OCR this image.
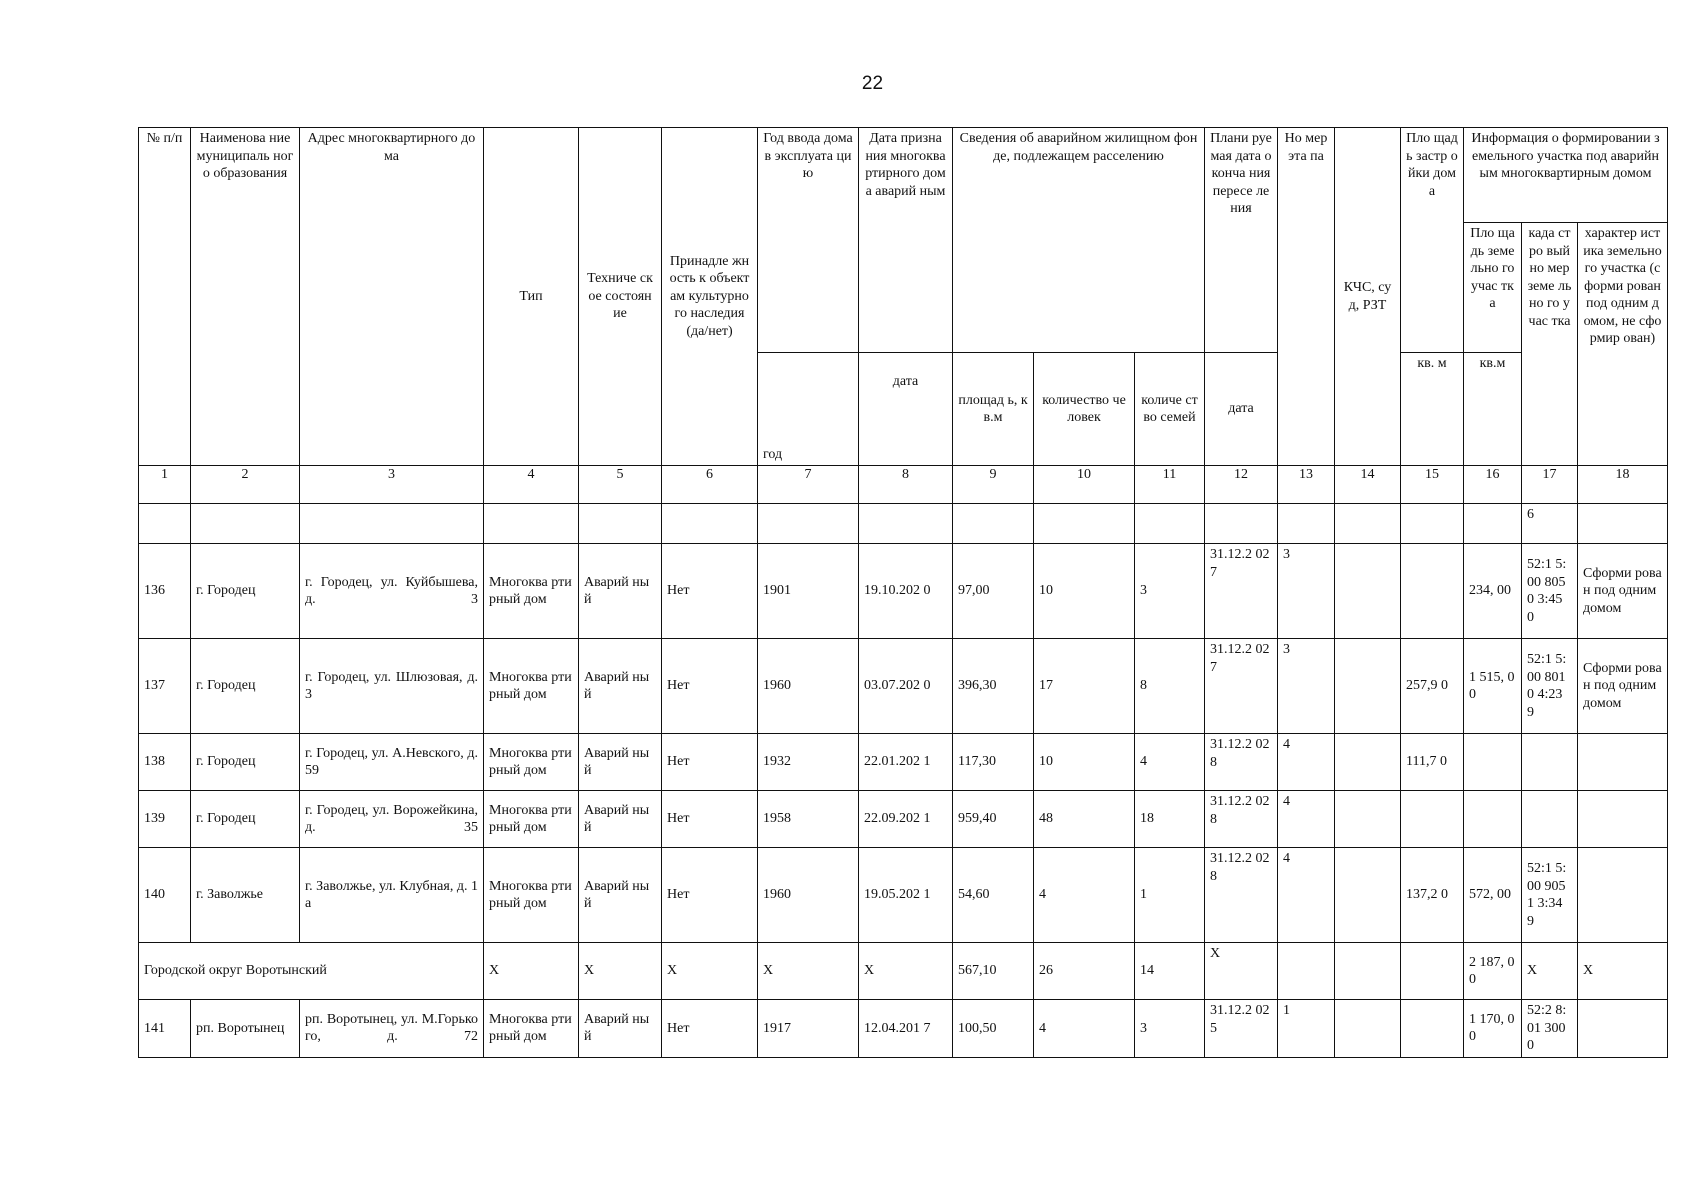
22
№ п/п	Наименова ние муниципаль ного образования	Адрес многоквартирного дома	Тип	Техниче ское состоян ие	Принадле жность к объектам культурно го наследия (да/нет)	Год ввода дома в эксплуата цию	Дата призна ния многоква ртирного дома аварий ным	Сведения об аварийном жилищном фонде, подлежащем расселению			Плани руемая дата оконча ния пересе ления	Но мер эта па	КЧС, суд, РЗТ	Пло щадь застр ойки дома	Информация о формировании земельного участка под аварийным многоквартирным домом		
															Пло щадь земе льно го учас тка	када стро вый но мер земе льно го учас тка	характер истика земельно го участка (сформи рован под одним домом, не сформир ован)
						год	дата	площад ь, кв.м	количество человек	количе ство семей	дата			кв. м	кв.м		
1	2	3	4	5	6	7	8	9	10	11	12	13	14	15	16	17	18
																6	
136	г. Городец	г. Городец, ул. Куйбышева, д. 3	Многоква ртирный дом	Аварий ный	Нет	1901	19.10.202 0	97,00	10	3	31.12.2 027	3			234, 00	52:1 5:00 8050 3:45 0	Сформи рован под одним домом
137	г. Городец	г. Городец, ул. Шлюзовая, д. 3	Многоква ртирный дом	Аварий ный	Нет	1960	03.07.202 0	396,30	17	8	31.12.2 027	3		257,9 0	1 515, 00	52:1 5:00 8010 4:23 9	Сформи рован под одним домом
138	г. Городец	г. Городец, ул. А.Невского, д. 59	Многоква ртирный дом	Аварий ный	Нет	1932	22.01.202 1	117,30	10	4	31.12.2 028	4		111,7 0			
139	г. Городец	г. Городец, ул. Ворожейкина, д. 35	Многоква ртирный дом	Аварий ный	Нет	1958	22.09.202 1	959,40	48	18	31.12.2 028	4					
140	г. Заволжье	г. Заволжье, ул. Клубная, д. 1а	Многоква ртирный дом	Аварий ный	Нет	1960	19.05.202 1	54,60	4	1	31.12.2 028	4		137,2 0	572, 00	52:1 5:00 9051 3:34 9	
Городской округ Воротынский			Х	Х	Х	Х	Х	567,10	26	14	Х				2 187, 00	Х	Х
141	рп. Воротынец	рп. Воротынец, ул. М.Горького, д. 72	Многоква ртирный дом	Аварий ный	Нет	1917	12.04.201 7	100,50	4	3	31.12.2 025	1			1 170, 00	52:2 8:01 3000	
